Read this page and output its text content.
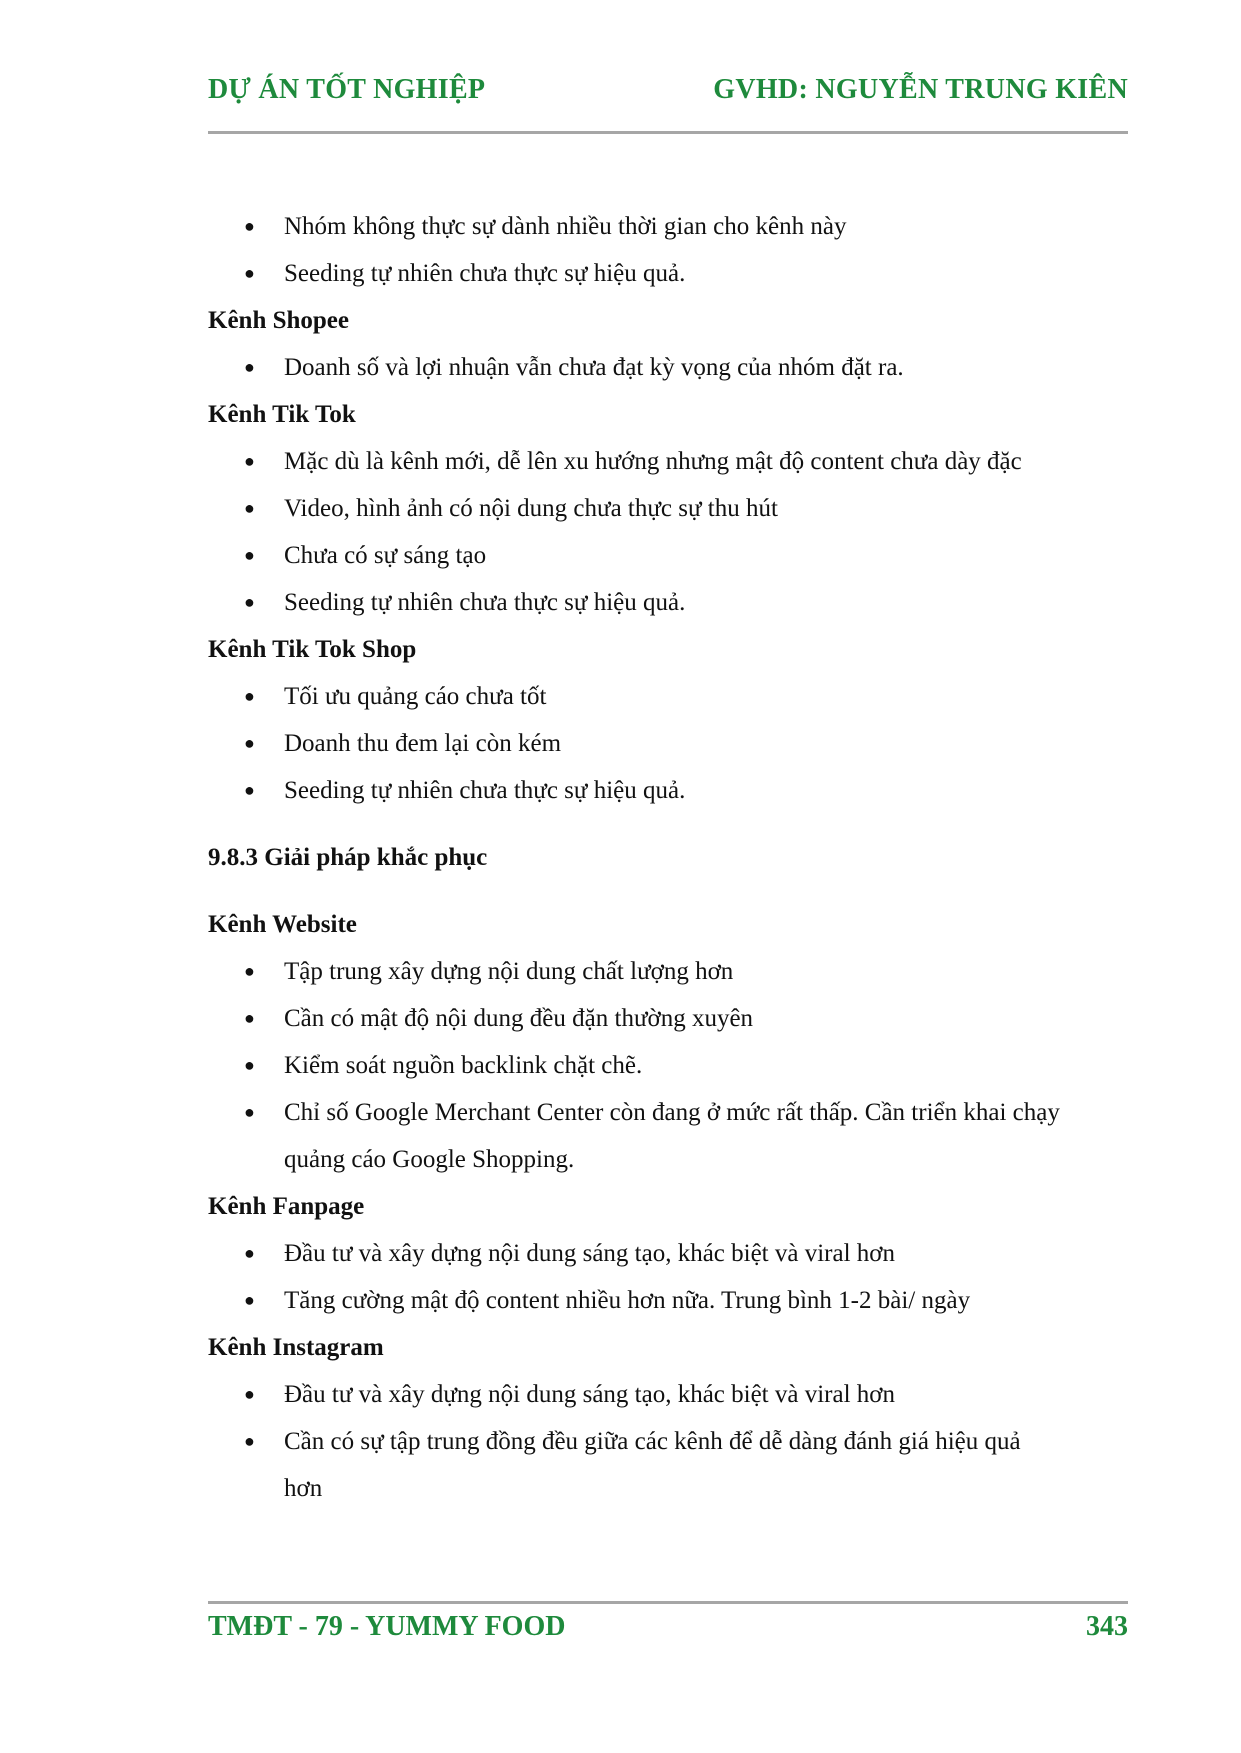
DỰ ÁN TỐT NGHIỆP	GVHD: NGUYỄN TRUNG KIÊN
● Nhóm không thực sự dành nhiều thời gian cho kênh này
● Seeding tự nhiên chưa thực sự hiệu quả.
Kênh Shopee
● Doanh số và lợi nhuận vẫn chưa đạt kỳ vọng của nhóm đặt ra.
Kênh Tik Tok
● Mặc dù là kênh mới, dễ lên xu hướng nhưng mật độ content chưa dày đặc
● Video, hình ảnh có nội dung chưa thực sự thu hút
● Chưa có sự sáng tạo
● Seeding tự nhiên chưa thực sự hiệu quả.
Kênh Tik Tok Shop
● Tối ưu quảng cáo chưa tốt
● Doanh thu đem lại còn kém
● Seeding tự nhiên chưa thực sự hiệu quả.
9.8.3 Giải pháp khắc phục
Kênh Website
● Tập trung xây dựng nội dung chất lượng hơn
● Cần có mật độ nội dung đều đặn thường xuyên
● Kiểm soát nguồn backlink chặt chẽ.
● Chỉ số Google Merchant Center còn đang ở mức rất thấp. Cần triển khai chạy
quảng cáo Google Shopping.
Kênh Fanpage
● Đầu tư và xây dựng nội dung sáng tạo, khác biệt và viral hơn
● Tăng cường mật độ content nhiều hơn nữa. Trung bình 1-2 bài/ ngày
Kênh Instagram
● Đầu tư và xây dựng nội dung sáng tạo, khác biệt và viral hơn
● Cần có sự tập trung đồng đều giữa các kênh để dễ dàng đánh giá hiệu quả
hơn
TMĐT - 79 - YUMMY FOOD	343
